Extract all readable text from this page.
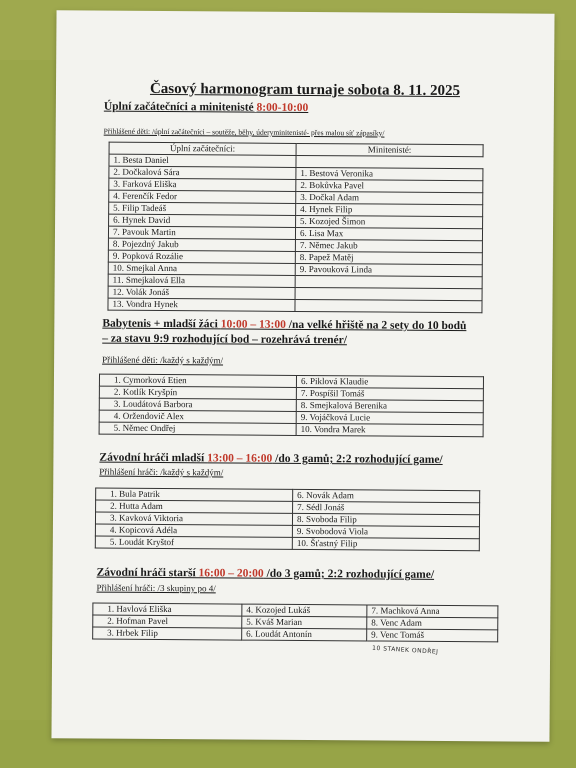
Časový harmonogram turnaje sobota 8. 11. 2025
Úplní začátečníci a minitenisté 8:00-10:00
Přihlášené děti: /úplní začátečníci – soutěže, běhy, úderyminitenisté- přes malou síť zápasíky/
Úplní začátečníci:	Minitenisté:

1. Besta Daniel	
2. Dočkalová Sára	1. Bestová Veronika
3. Farková Eliška	2. Bokůvka Pavel
4. Ferenčík Fedor	3. Dočkal Adam
5. Filip Tadeáš	4. Hynek Filip
6. Hynek David	5. Kozojed Šimon
7. Pavouk Martin	6. Lisa Max
8. Pojezdný Jakub	7. Němec Jakub
9. Popková Rozálie	8. Papež Matěj
10. Smejkal Anna	9. Pavouková Linda
11. Smejkalová Ella	
12. Volák Jonáš	
13. Vondra Hynek	
Babytenis + mladší žáci 10:00 – 13:00 /na velké hřiště na 2 sety do 10 bodů
– za stavu 9:9 rozhodující bod – rozehrává trenér/
Přihlášené děti: /každý s každým/
1. Cymorková Etien	6. Piklová Klaudie
2. Kotlík Kryšpín	7. Pospíšil Tomáš
3. Loudátová Barbora	8. Smejkalová Berenika
4. Oržendovič Alex	9. Vojáčková Lucie
5. Němec Ondřej	10. Vondra Marek
Závodní hráči mladší 13:00 – 16:00 /do 3 gamů; 2:2 rozhodující game/
Přihlášení hráči: /každý s každým/
1. Bula Patrik	6. Novák Adam
2. Hutta Adam	7. Sédl Jonáš
3. Kavková Viktoria	8. Svoboda Filip
4. Kopicová Adéla	9. Svobodová Viola
5. Loudát Kryštof	10. Šťastný Filip
Závodní hráči starší 16:00 – 20:00 /do 3 gamů; 2:2 rozhodující game/
Přihlášení hráči: /3 skupiny po 4/
1. Havlová Eliška	4. Kozojed Lukáš	7. Machková Anna
2. Hofman Pavel	5. Kváš Marian	8. Venc Adam
3. Hrbek Filip	6. Loudát Antonín	9. Venc Tomáš
10 STANEK ONDŘEJ
